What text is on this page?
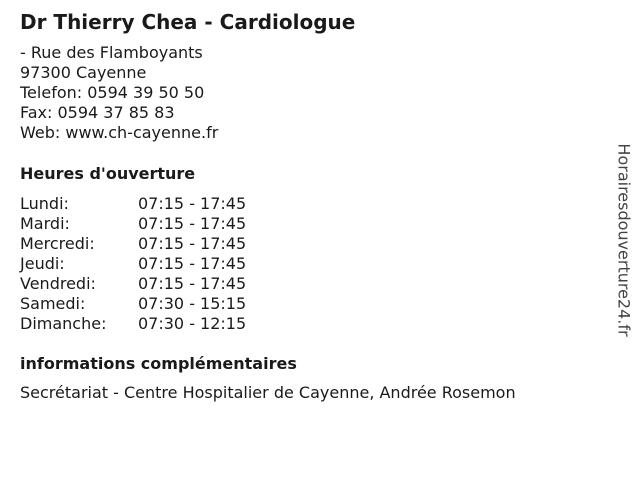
Dr Thierry Chea - Cardiologue
- Rue des Flamboyants
97300 Cayenne
Telefon: 0594 39 50 50
Fax: 0594 37 85 83
Web: www.ch-cayenne.fr
Heures d'ouverture
Lundi:	07:15 - 17:45
Mardi:	07:15 - 17:45
Mercredi:	07:15 - 17:45
Jeudi:	07:15 - 17:45
Vendredi:	07:15 - 17:45
Samedi:	07:30 - 15:15
Dimanche:	07:30 - 12:15
informations complémentaires
Secrétariat - Centre Hospitalier de Cayenne, Andrée Rosemon
Horairesdouverture24.fr
